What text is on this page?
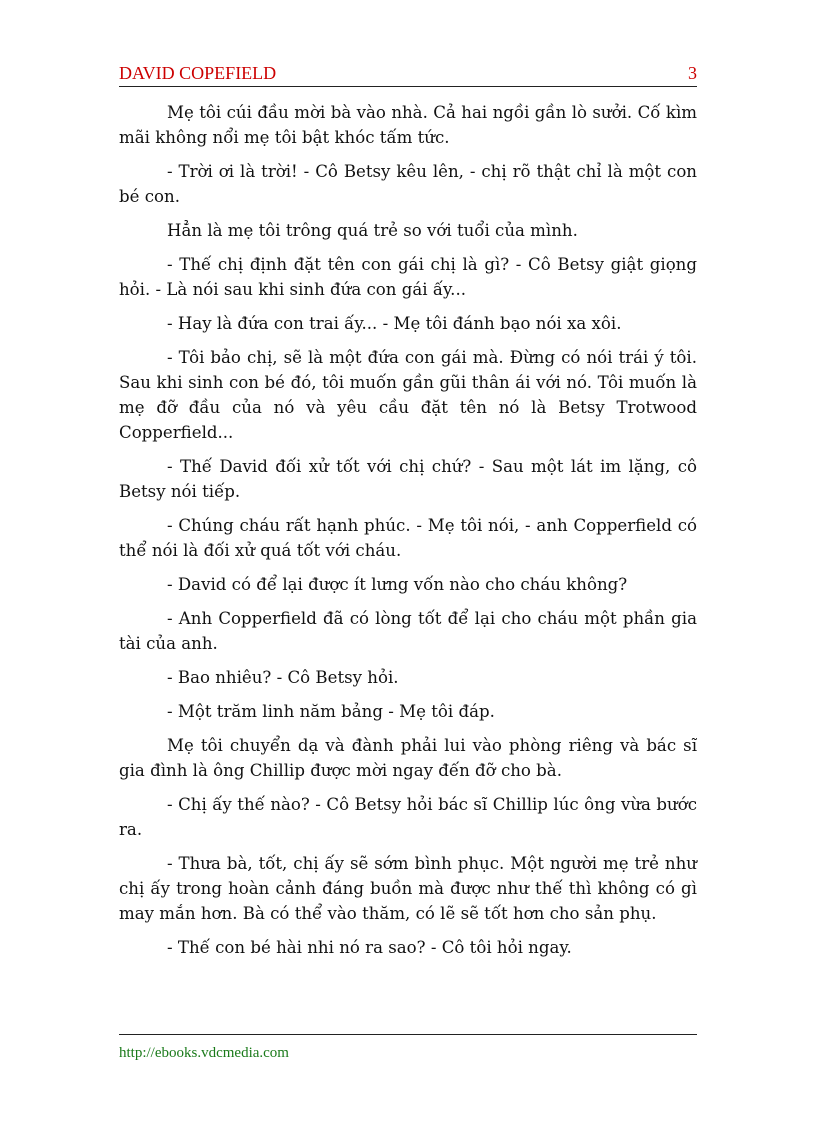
DAVID COPEFIELD	3

Mẹ tôi cúi đầu mời bà vào nhà. Cả hai ngồi gần lò sưởi. Cố kìm mãi không nổi mẹ tôi bật khóc tấm tức.

- Trời ơi là trời! - Cô Betsy kêu lên, - chị rõ thật chỉ là một con bé con.

Hẳn là mẹ tôi trông quá trẻ so với tuổi của mình.

- Thế chị định đặt tên con gái chị là gì? - Cô Betsy giật giọng hỏi. - Là nói sau khi sinh đứa con gái ấy...

- Hay là đứa con trai ấy... - Mẹ tôi đánh bạo nói xa xôi.

- Tôi bảo chị, sẽ là một đứa con gái mà. Đừng có nói trái ý tôi. Sau khi sinh con bé đó, tôi muốn gần gũi thân ái với nó. Tôi muốn là mẹ đỡ đầu của nó và yêu cầu đặt tên nó là Betsy Trotwood Copperfield...

- Thế David đối xử tốt với chị chứ? - Sau một lát im lặng, cô Betsy nói tiếp.

- Chúng cháu rất hạnh phúc. - Mẹ tôi nói, - anh Copperfield có thể nói là đối xử quá tốt với cháu.

- David có để lại được ít lưng vốn nào cho cháu không?

- Anh Copperfield đã có lòng tốt để lại cho cháu một phần gia tài của anh.

- Bao nhiêu? - Cô Betsy hỏi.

- Một trăm linh năm bảng - Mẹ tôi đáp.

Mẹ tôi chuyển dạ và đành phải lui vào phòng riêng và bác sĩ gia đình là ông Chillip được mời ngay đến đỡ cho bà.

- Chị ấy thế nào? - Cô Betsy hỏi bác sĩ Chillip lúc ông vừa bước ra.

- Thưa bà, tốt, chị ấy sẽ sớm bình phục. Một người mẹ trẻ như chị ấy trong hoàn cảnh đáng buồn mà được như thế thì không có gì may mắn hơn. Bà có thể vào thăm, có lẽ sẽ tốt hơn cho sản phụ.

- Thế con bé hài nhi nó ra sao? - Cô tôi hỏi ngay.

http://ebooks.vdcmedia.com
